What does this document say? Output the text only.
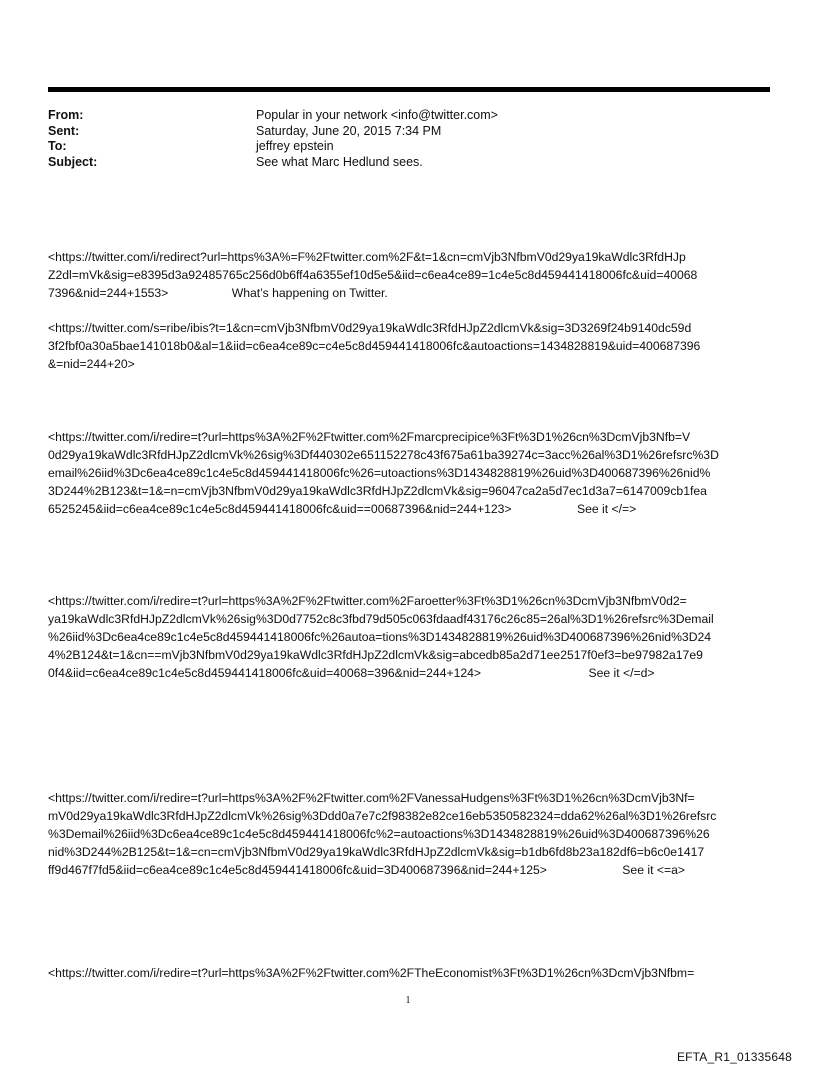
From:	Popular in your network <info@twitter.com>
Sent:	Saturday, June 20, 2015 7:34 PM
To:	jeffrey epstein
Subject:	See what Marc Hedlund sees.
<https://twitter.com/i/redirect?url=https%3A%=F%2Ftwitter.com%2F&t=1&cn=cmVjb3NfbmV0d29ya19kaWdlc3RfdHJp
Z2dl=mVk&sig=e8395d3a92485765c256d0b6ff4a6355ef10d5e5&iid=c6ea4ce89=1c4e5c8d459441418006fc&uid=40068
7396&nid=244+1553>	What’s happening on Twitter.
<https://twitter.com/s=ribe/ibis?t=1&cn=cmVjb3NfbmV0d29ya19kaWdlc3RfdHJpZ2dlcmVk&sig=3D3269f24b9140dc59d
3f2fbf0a30a5bae141018b0&al=1&iid=c6ea4ce89c=c4e5c8d459441418006fc&autoactions=1434828819&uid=400687396
&=nid=244+20>
<https://twitter.com/i/redire=t?url=https%3A%2F%2Ftwitter.com%2Fmarcprecipice%3Ft%3D1%26cn%3DcmVjb3Nfb=V
0d29ya19kaWdlc3RfdHJpZ2dlcmVk%26sig%3Df440302e651152278c43f675a61ba39274c=3acc%26al%3D1%26refsrc%3D
email%26iid%3Dc6ea4ce89c1c4e5c8d459441418006fc%26=utoactions%3D1434828819%26uid%3D400687396%26nid%
3D244%2B123&t=1&=n=cmVjb3NfbmV0d29ya19kaWdlc3RfdHJpZ2dlcmVk&sig=96047ca2a5d7ec1d3a7=6147009cb1fea
6525245&iid=c6ea4ce89c1c4e5c8d459441418006fc&uid==00687396&nid=244+123>	See it </=>
<https://twitter.com/i/redire=t?url=https%3A%2F%2Ftwitter.com%2Faroetter%3Ft%3D1%26cn%3DcmVjb3NfbmV0d2=
ya19kaWdlc3RfdHJpZ2dlcmVk%26sig%3D0d7752c8c3fbd79d505c063fdaadf43176c26c85=26al%3D1%26refsrc%3Demail
%26iid%3Dc6ea4ce89c1c4e5c8d459441418006fc%26autoa=tions%3D1434828819%26uid%3D400687396%26nid%3D24
4%2B124&t=1&cn==mVjb3NfbmV0d29ya19kaWdlc3RfdHJpZ2dlcmVk&sig=abcedb85a2d71ee2517f0ef3=be97982a17e9
0f4&iid=c6ea4ce89c1c4e5c8d459441418006fc&uid=40068=396&nid=244+124>	See it </=d>
<https://twitter.com/i/redire=t?url=https%3A%2F%2Ftwitter.com%2FVanessaHudgens%3Ft%3D1%26cn%3DcmVjb3Nf=
mV0d29ya19kaWdlc3RfdHJpZ2dlcmVk%26sig%3Ddd0a7e7c2f98382e82ce16eb5350582324=dda62%26al%3D1%26refsrc
%3Demail%26iid%3Dc6ea4ce89c1c4e5c8d459441418006fc%2=autoactions%3D1434828819%26uid%3D400687396%26
nid%3D244%2B125&t=1&=cn=cmVjb3NfbmV0d29ya19kaWdlc3RfdHJpZ2dlcmVk&sig=b1db6fd8b23a182df6=b6c0e1417
ff9d467f7fd5&iid=c6ea4ce89c1c4e5c8d459441418006fc&uid=3D400687396&nid=244+125>	See it <=a>
<https://twitter.com/i/redire=t?url=https%3A%2F%2Ftwitter.com%2FTheEconomist%3Ft%3D1%26cn%3DcmVjb3Nfbm=
1
EFTA_R1_01335648
